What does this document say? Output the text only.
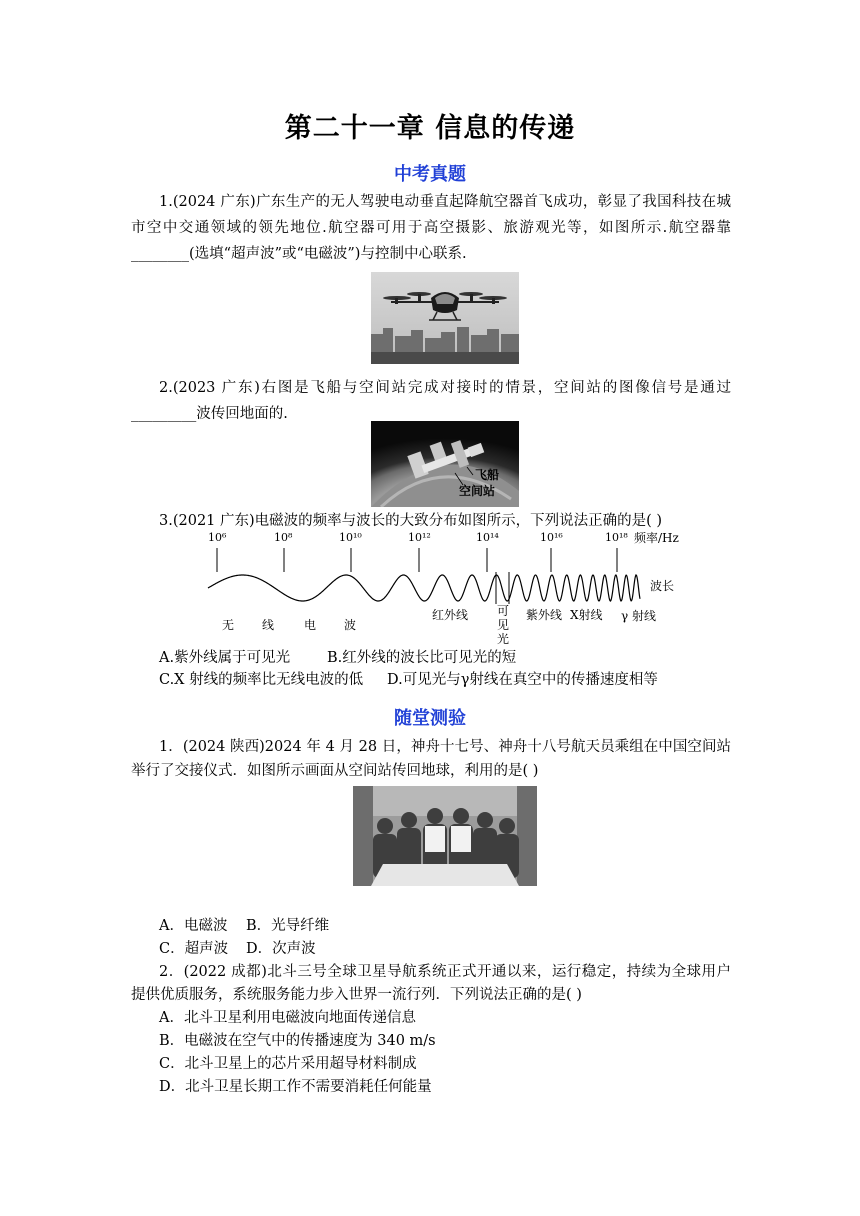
第二十一章 信息的传递
中考真题
1.(2024 广东)广东生产的无人驾驶电动垂直起降航空器首飞成功，彰显了我国科技在城
市空中交通领域的领先地位.航空器可用于高空摄影、旅游观光等，如图所示.航空器靠
________(选填“超声波”或“电磁波”)与控制中心联系.
2.(2023 广东)右图是飞船与空间站完成对接时的情景，空间站的图像信号是通过
_________波传回地面的.
飞船
空间站
3.(2021 广东)电磁波的频率与波长的大致分布如图所示，下列说法正确的是( )
10⁶	10⁸	10¹⁰	10¹²	10¹⁴	10¹⁶	10¹⁸ 频率/Hz
波长
无 线 电 波
红外线 可
见
光
紫外线 X射线 γ 射线
A.紫外线属于可见光	B.红外线的波长比可见光的短
C.X 射线的频率比无线电波的低 D.可见光与γ射线在真空中的传播速度相等
随堂测验
1．(2024 陕西)2024 年 4 月 28 日，神舟十七号、神舟十八号航天员乘组在中国空间站
举行了交接仪式．如图所示画面从空间站传回地球，利用的是( )
A．电磁波 B．光导纤维
C．超声波 D．次声波
2．(2022 成都)北斗三号全球卫星导航系统正式开通以来，运行稳定，持续为全球用户
提供优质服务，系统服务能力步入世界一流行列．下列说法正确的是( )
A．北斗卫星利用电磁波向地面传递信息
B．电磁波在空气中的传播速度为 340 m/s
C．北斗卫星上的芯片采用超导材料制成
D．北斗卫星长期工作不需要消耗任何能量
